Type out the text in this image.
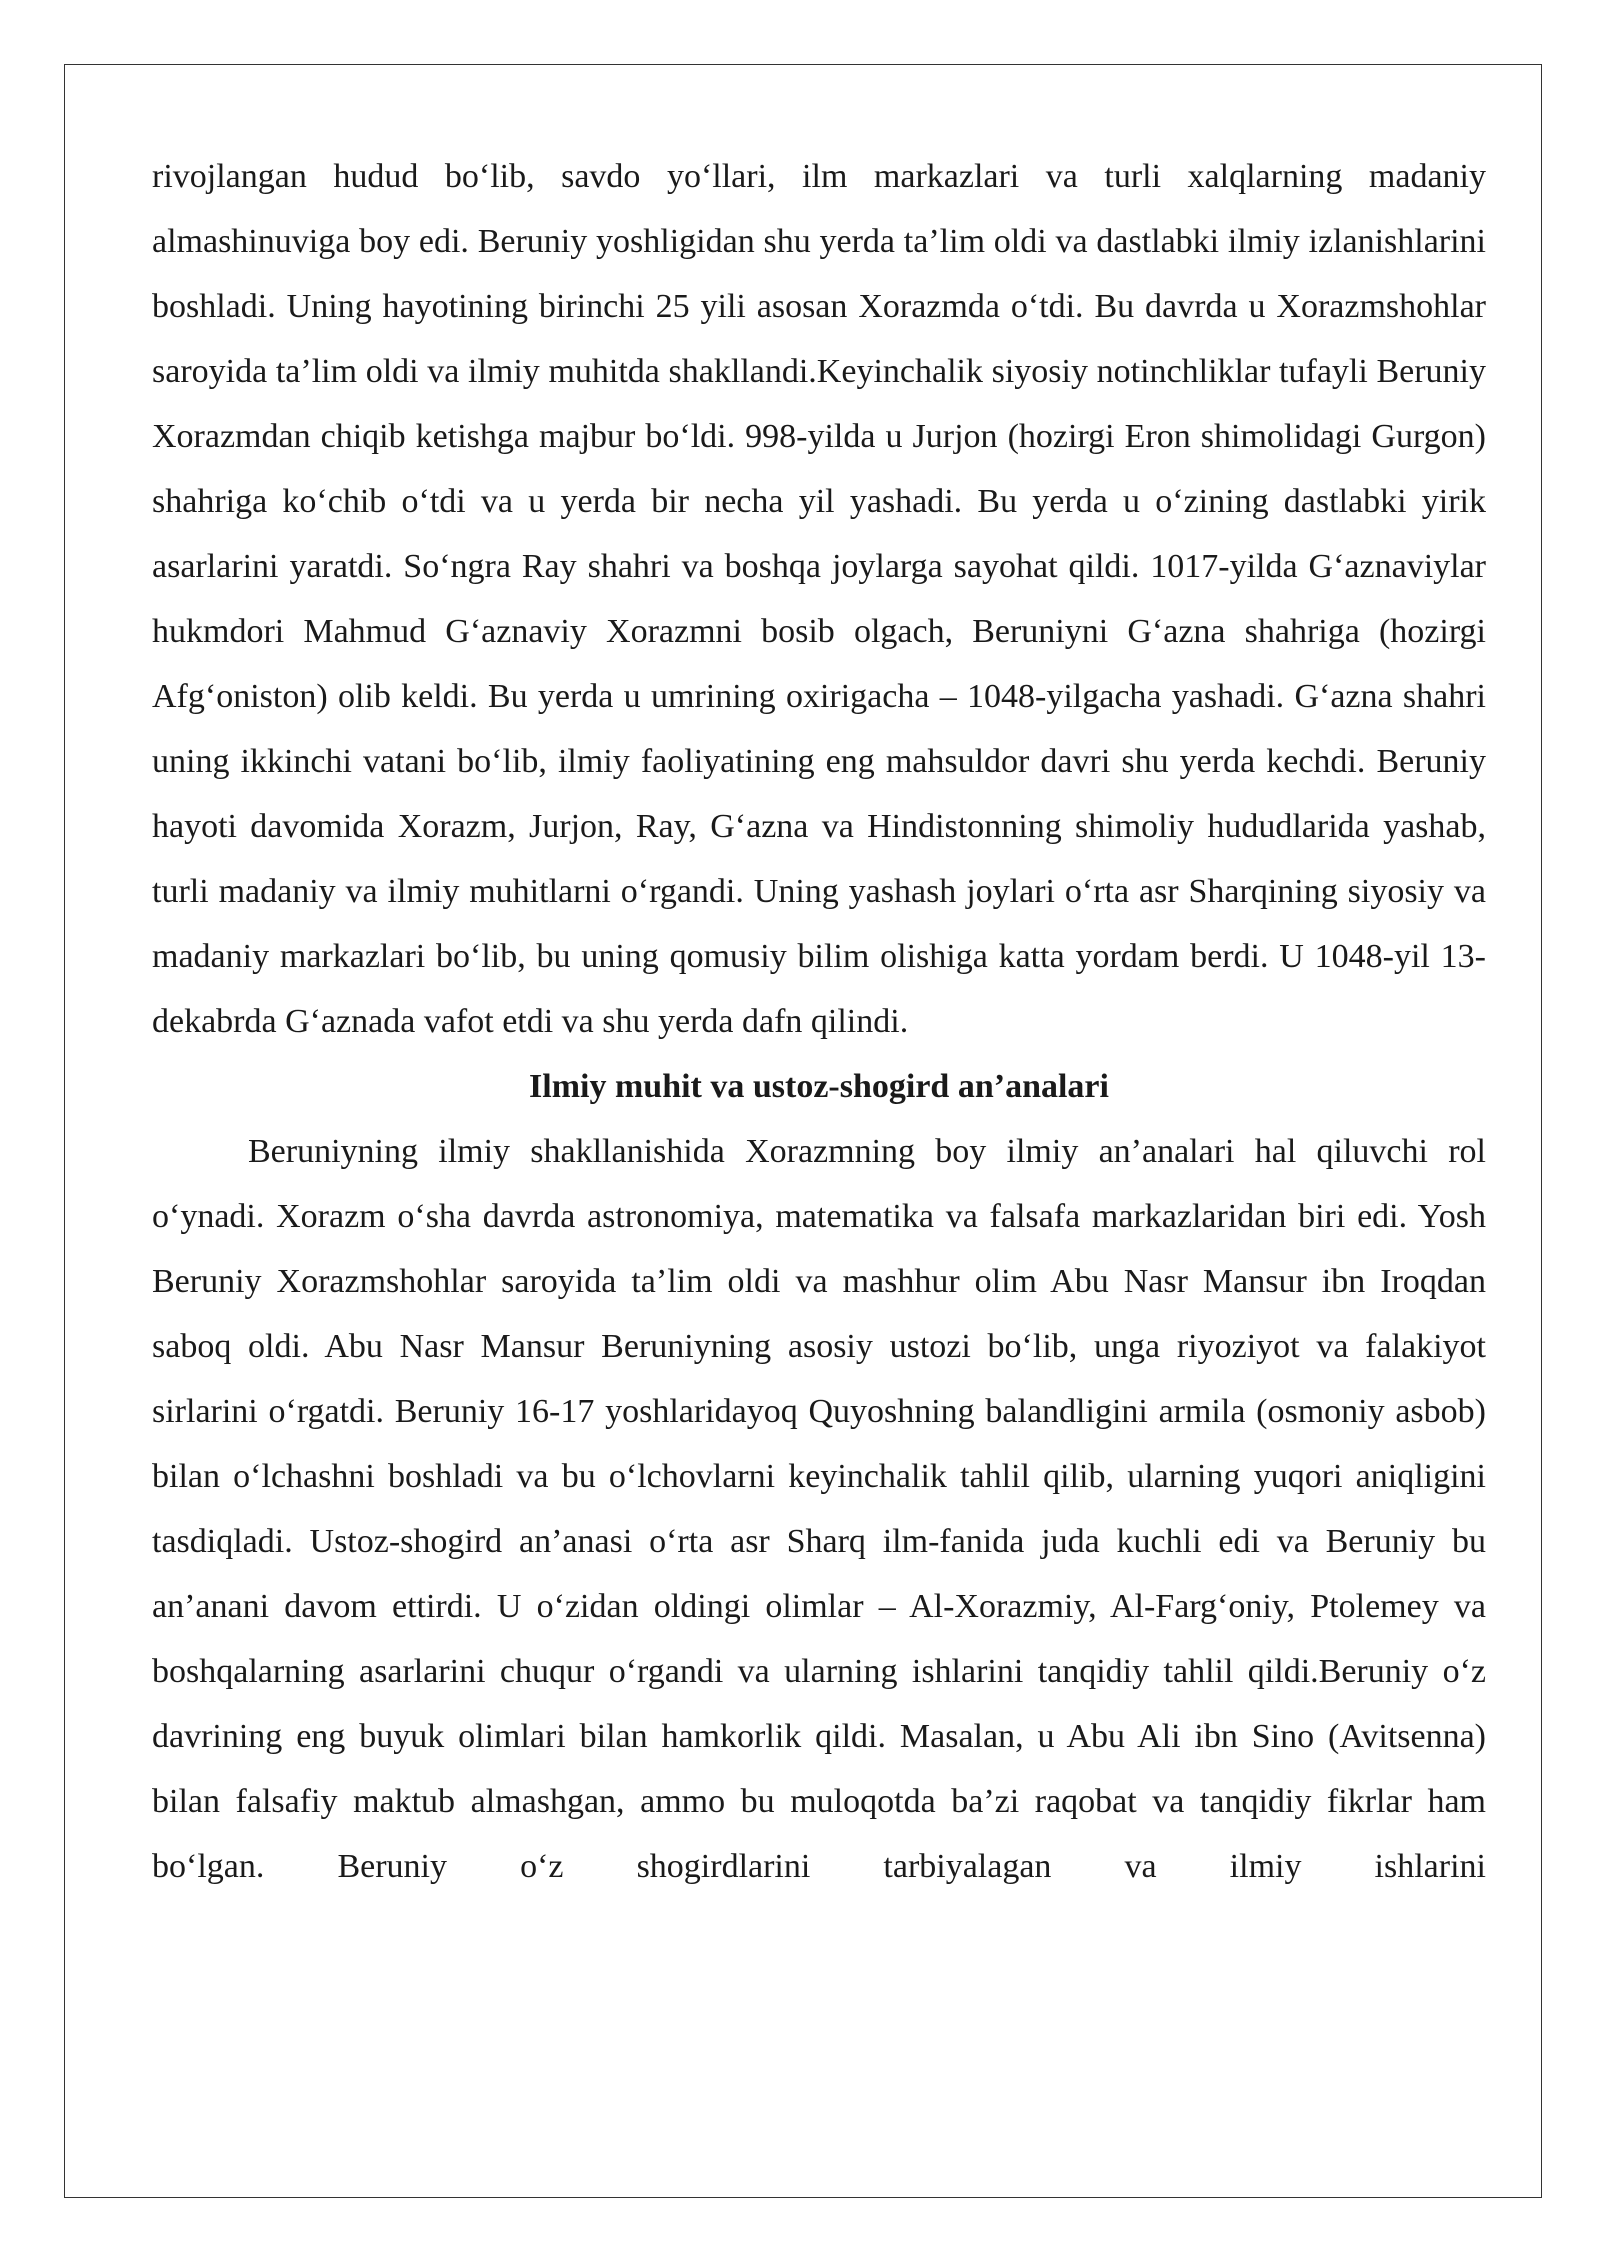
rivojlangan hudud bo‘lib, savdo yo‘llari, ilm markazlari va turli xalqlarning madaniy almashinuviga boy edi. Beruniy yoshligidan shu yerda ta’lim oldi va dastlabki ilmiy izlanishlarini boshladi. Uning hayotining birinchi 25 yili asosan Xorazmda o‘tdi. Bu davrda u Xorazmshohlar saroyida ta’lim oldi va ilmiy muhitda shakllandi.Keyinchalik siyosiy notinchliklar tufayli Beruniy Xorazmdan chiqib ketishga majbur bo‘ldi. 998-yilda u Jurjon (hozirgi Eron shimolidagi Gurgon) shahriga ko‘chib o‘tdi va u yerda bir necha yil yashadi. Bu yerda u o‘zining dastlabki yirik asarlarini yaratdi. So‘ngra Ray shahri va boshqa joylarga sayohat qildi. 1017-yilda G‘aznaviylar hukmdori Mahmud G‘aznaviy Xorazmni bosib olgach, Beruniyni G‘azna shahriga (hozirgi Afg‘oniston) olib keldi. Bu yerda u umrining oxirigacha – 1048-yilgacha yashadi. G‘azna shahri uning ikkinchi vatani bo‘lib, ilmiy faoliyatining eng mahsuldor davri shu yerda kechdi. Beruniy hayoti davomida Xorazm, Jurjon, Ray, G‘azna va Hindistonning shimoliy hududlarida yashab, turli madaniy va ilmiy muhitlarni o‘rgandi. Uning yashash joylari o‘rta asr Sharqining siyosiy va madaniy markazlari bo‘lib, bu uning qomusiy bilim olishiga katta yordam berdi. U 1048-yil 13-dekabrda G‘aznada vafot etdi va shu yerda dafn qilindi.

Ilmiy muhit va ustoz-shogird an’analari

Beruniyning ilmiy shakllanishida Xorazmning boy ilmiy an’analari hal qiluvchi rol o‘ynadi. Xorazm o‘sha davrda astronomiya, matematika va falsafa markazlaridan biri edi. Yosh Beruniy Xorazmshohlar saroyida ta’lim oldi va mashhur olim Abu Nasr Mansur ibn Iroqdan saboq oldi. Abu Nasr Mansur Beruniyning asosiy ustozi bo‘lib, unga riyoziyot va falakiyot sirlarini o‘rgatdi. Beruniy 16-17 yoshlaridayoq Quyoshning balandligini armila (osmoniy asbob) bilan o‘lchashni boshladi va bu o‘lchovlarni keyinchalik tahlil qilib, ularning yuqori aniqligini tasdiqladi. Ustoz-shogird an’anasi o‘rta asr Sharq ilm-fanida juda kuchli edi va Beruniy bu an’anani davom ettirdi. U o‘zidan oldingi olimlar – Al-Xorazmiy, Al-Farg‘oniy, Ptolemey va boshqalarning asarlarini chuqur o‘rgandi va ularning ishlarini tanqidiy tahlil qildi.Beruniy o‘z davrining eng buyuk olimlari bilan hamkorlik qildi. Masalan, u Abu Ali ibn Sino (Avitsenna) bilan falsafiy maktub almashgan, ammo bu muloqotda ba’zi raqobat va tanqidiy fikrlar ham bo‘lgan. Beruniy o‘z shogirdlarini tarbiyalagan va ilmiy ishlarini
